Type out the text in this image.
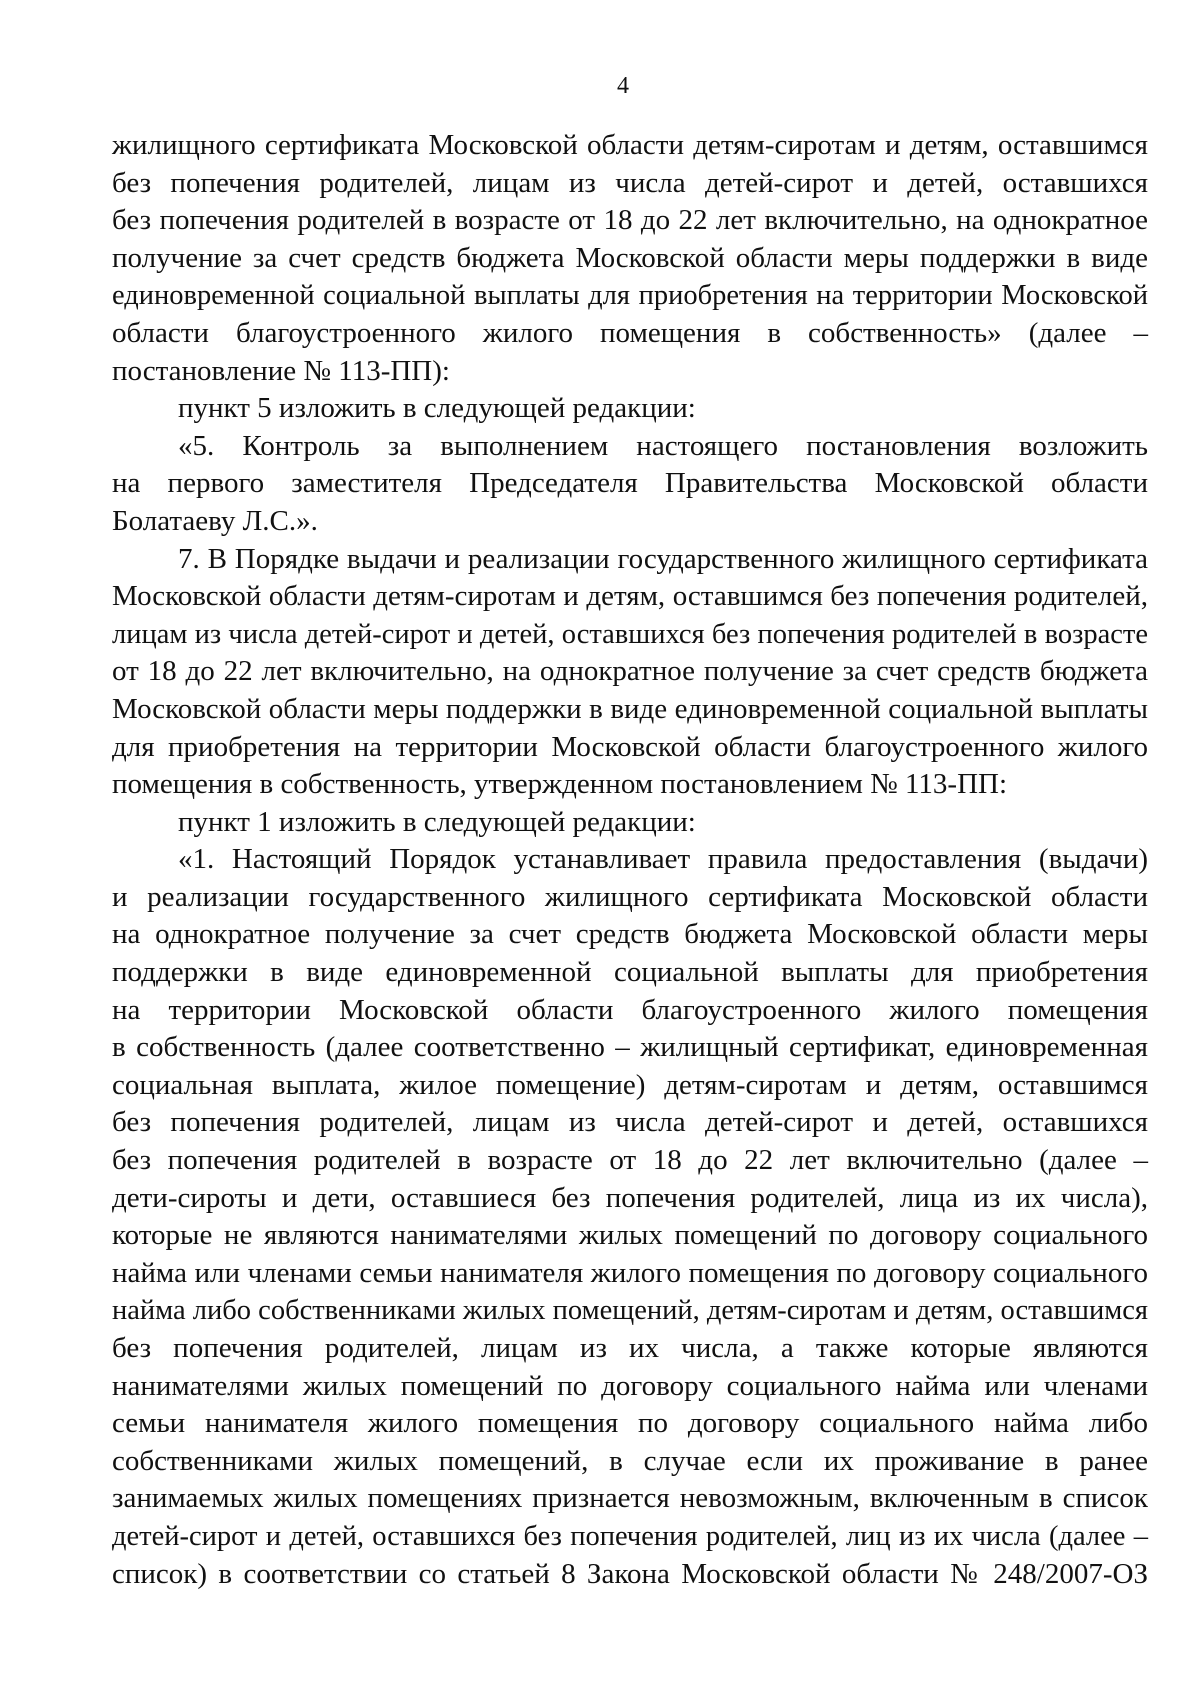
4
жилищного сертификата Московской области детям-сиротам и детям, оставшимся
без попечения родителей, лицам из числа детей-сирот и детей, оставшихся
без попечения родителей в возрасте от 18 до 22 лет включительно, на однократное
получение за счет средств бюджета Московской области меры поддержки в виде
единовременной социальной выплаты для приобретения на территории Московской
области благоустроенного жилого помещения в собственность» (далее –
постановление № 113-ПП):
пункт 5 изложить в следующей редакции:
«5. Контроль за выполнением настоящего постановления возложить
на первого заместителя Председателя Правительства Московской области
Болатаеву Л.С.».
7. В Порядке выдачи и реализации государственного жилищного сертификата
Московской области детям-сиротам и детям, оставшимся без попечения родителей,
лицам из числа детей-сирот и детей, оставшихся без попечения родителей в возрасте
от 18 до 22 лет включительно, на однократное получение за счет средств бюджета
Московской области меры поддержки в виде единовременной социальной выплаты
для приобретения на территории Московской области благоустроенного жилого
помещения в собственность, утвержденном постановлением № 113-ПП:
пункт 1 изложить в следующей редакции:
«1. Настоящий Порядок устанавливает правила предоставления (выдачи)
и реализации государственного жилищного сертификата Московской области
на однократное получение за счет средств бюджета Московской области меры
поддержки в виде единовременной социальной выплаты для приобретения
на территории Московской области благоустроенного жилого помещения
в собственность (далее соответственно – жилищный сертификат, единовременная
социальная выплата, жилое помещение) детям-сиротам и детям, оставшимся
без попечения родителей, лицам из числа детей-сирот и детей, оставшихся
без попечения родителей в возрасте от 18 до 22 лет включительно (далее –
дети-сироты и дети, оставшиеся без попечения родителей, лица из их числа),
которые не являются нанимателями жилых помещений по договору социального
найма или членами семьи нанимателя жилого помещения по договору социального
найма либо собственниками жилых помещений, детям-сиротам и детям, оставшимся
без попечения родителей, лицам из их числа, а также которые являются
нанимателями жилых помещений по договору социального найма или членами
семьи нанимателя жилого помещения по договору социального найма либо
собственниками жилых помещений, в случае если их проживание в ранее
занимаемых жилых помещениях признается невозможным, включенным в список
детей-сирот и детей, оставшихся без попечения родителей, лиц из их числа (далее –
список) в соответствии со статьей 8 Закона Московской области № 248/2007-ОЗ
